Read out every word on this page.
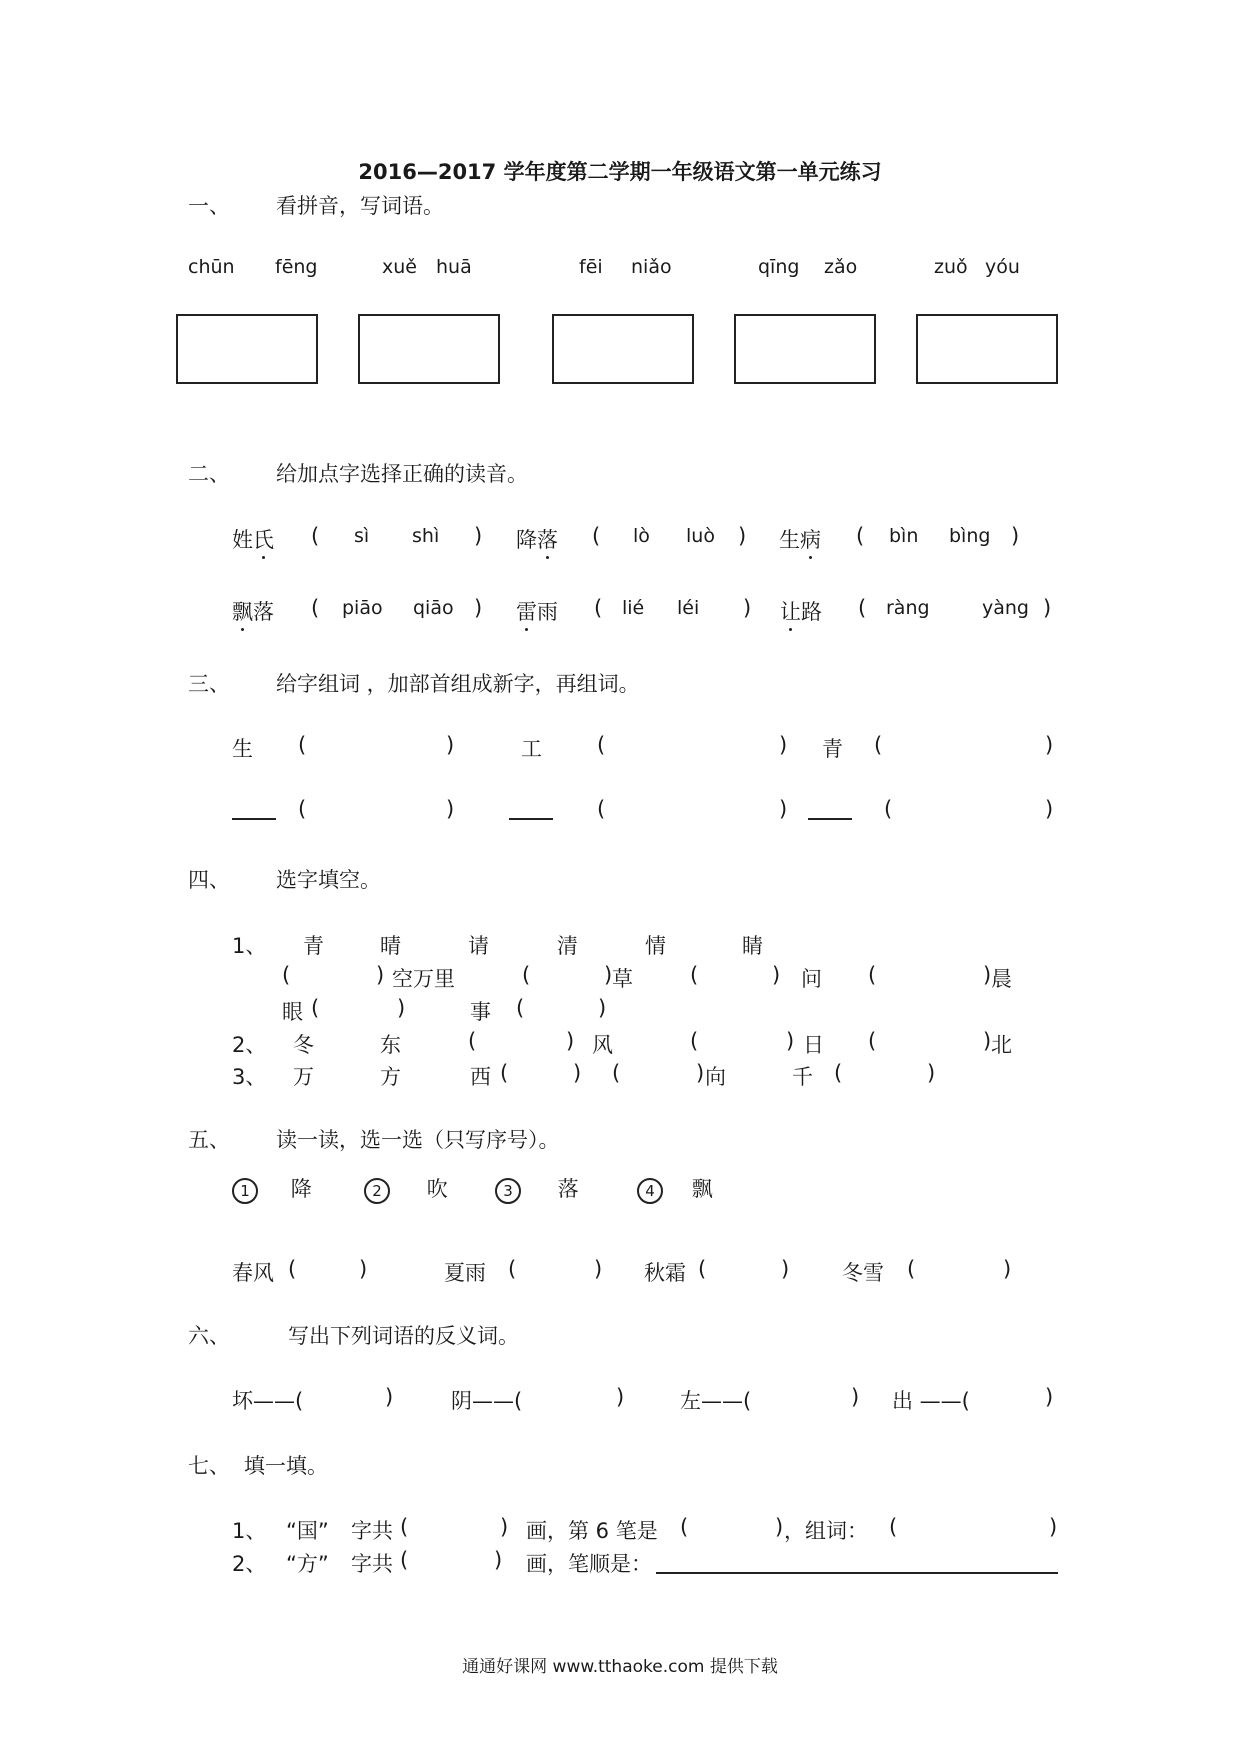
2016—2017 学年度第二学期一年级语文第一单元练习
一、 看拼音，写词语。
chūn fēng	xuě huā	fēi niǎo	qīng zǎo	zuǒ yóu
二、 给加点字选择正确的读音。
姓氏 ( sì shì ) 降落 ( lò luò ) 生病 ( bìn bìng )
飘落 ( piāo qiāo ) 雷雨 ( lié léi ) 让路 ( ràng	yàng )
三、 给字组词 ，加部首组成新字，再组词。
生 (	)	工	(	) 青 (	)
(	)	(	)	(	)
四、 选字填空。
1、 青	晴	请	清	情	睛
(	) 空万里	(	) 草	(	) 问 (	) 晨
眼 (	)	事 (	)
2、 冬	东	(	) 风	(	) 日 (	) 北
3、 万	方	西 (	) (	) 向	千 (	)
五、 读一读，选一选（只写序号）。
1 降	2 吹	3 落	4 飘
春风 (	)	夏雨 (	) 秋霜 (	)	冬雪 (	)
六、	写出下列词语的反义词。
坏——(	)	阴——(	)	左——(	) 出 ——(	)
七、 填一填。
1、 “国” 字共 (	) 画，第 6 笔是 (	) ，组词： (	)
2、 “方” 字共 (	) 画，笔顺是：
通通好课网 www.tthaoke.com 提供下载
